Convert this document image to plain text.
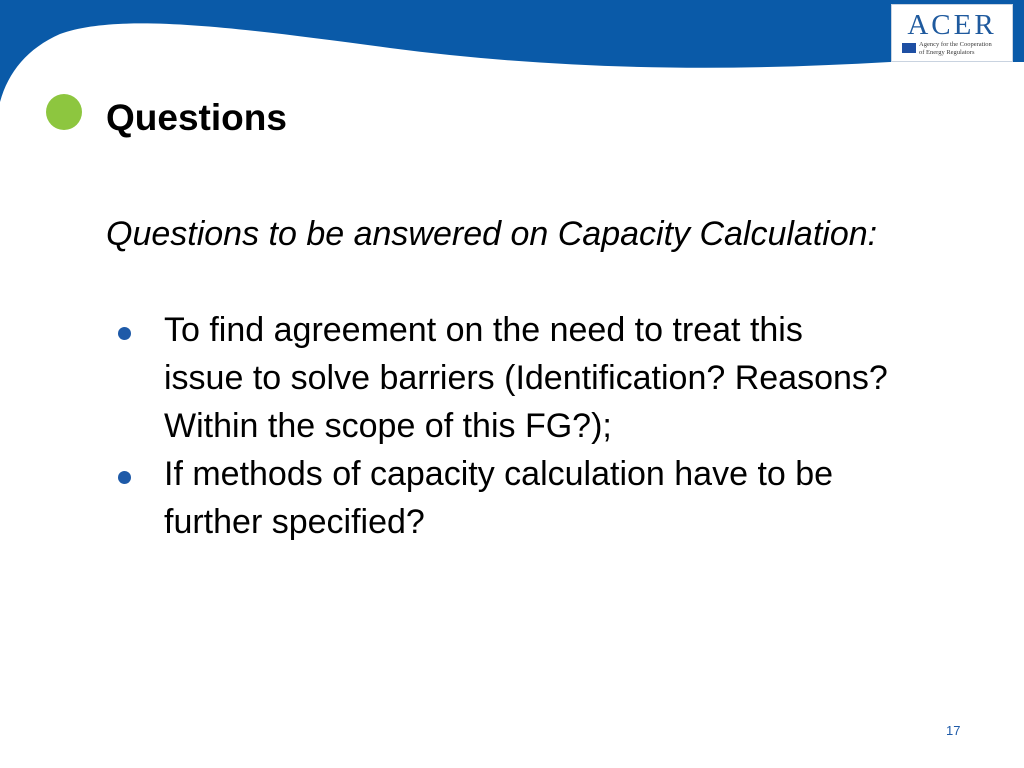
ACER
Agency for the Cooperation
of Energy Regulators
Questions
Questions to be answered on Capacity Calculation:
To find agreement on the need to treat this
issue to solve barriers (Identification? Reasons?
Within the scope of this FG?);
If methods of capacity calculation have to be
further specified?
17
